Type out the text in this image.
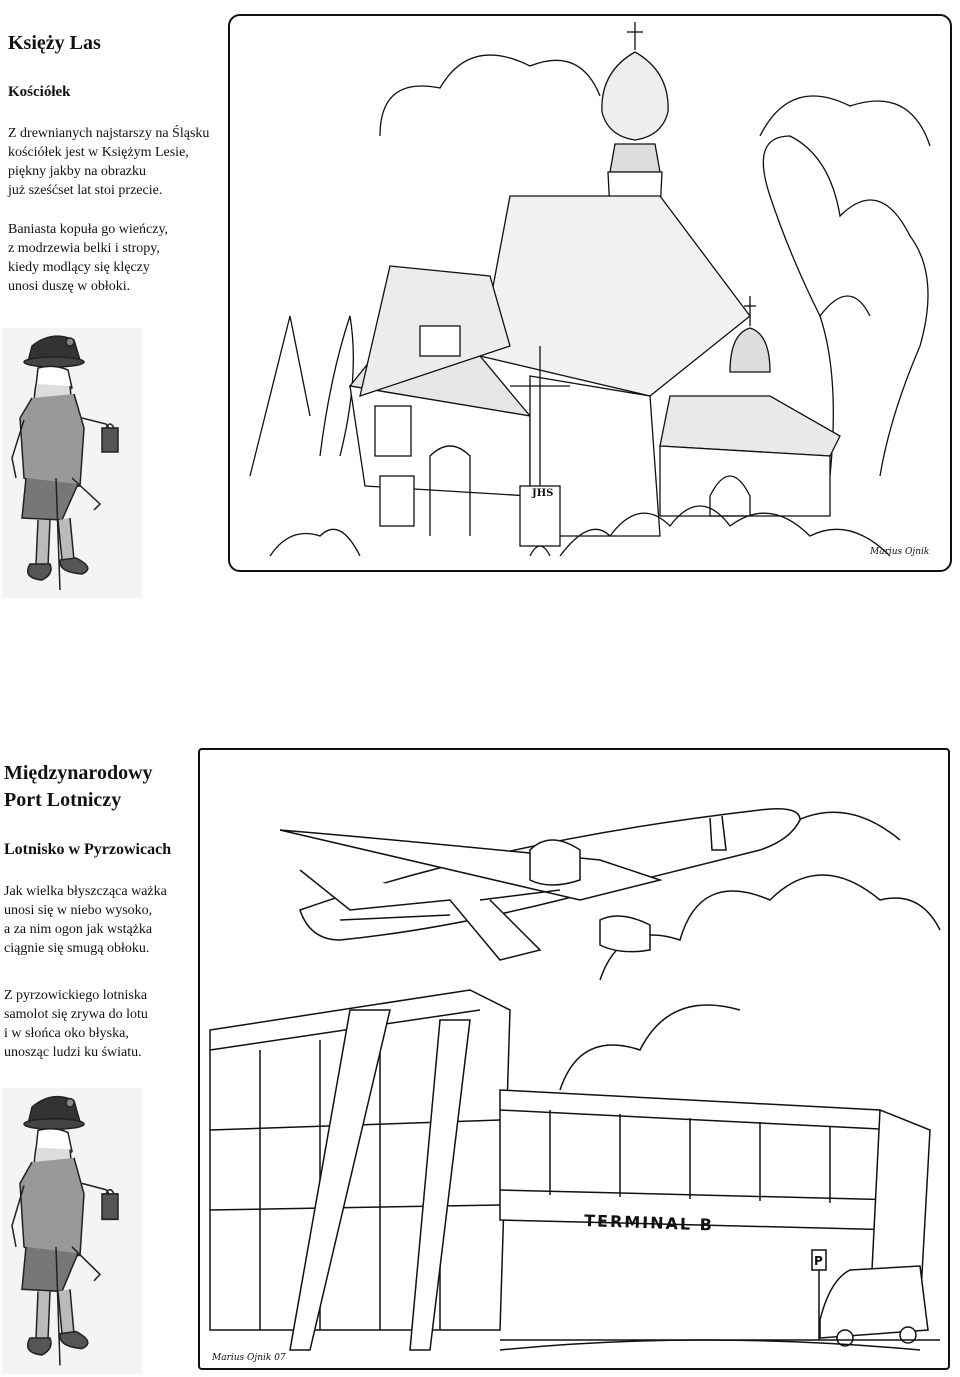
Księży Las
Kościółek
Z drewnianych najstarszy na Śląsku
kościółek jest w Księżym Lesie,
piękny jakby na obrazku
już sześćset lat stoi przecie.
Baniasta kopuła go wieńczy,
z modrzewia belki i stropy,
kiedy modlący się klęczy
unosi duszę w obłoki.
JHS
Marius Ojnik
Międzynarodowy
Port Lotniczy
Lotnisko w Pyrzowicach
Jak wielka błyszcząca ważka
unosi się w niebo wysoko,
a za nim ogon jak wstążka
ciągnie się smugą obłoku.
Z pyrzowickiego lotniska
samolot się zrywa do lotu
i w słońca oko błyska,
unosząc ludzi ku światu.
TERMINAL B
P
Marius Ojnik 07
